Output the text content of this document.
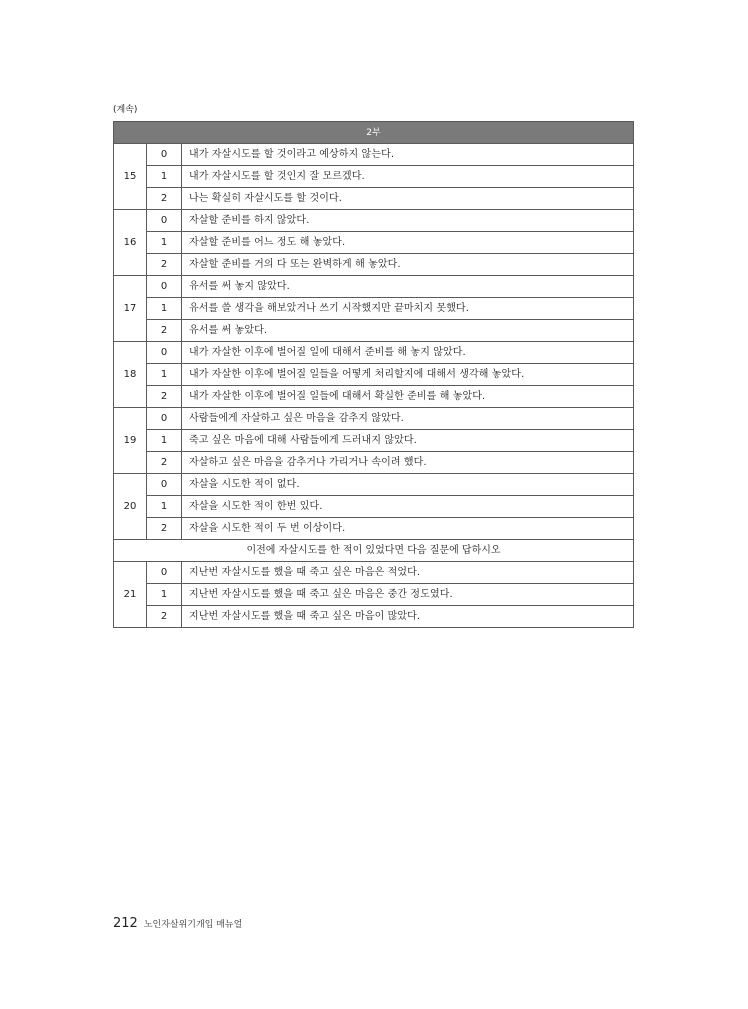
(계속)
2부		
15	0	내가 자살시도를 할 것이라고 예상하지 않는다.
	1	내가 자살시도를 할 것인지 잘 모르겠다.
	2	나는 확실히 자살시도를 할 것이다.
16	0	자살할 준비를 하지 않았다.
	1	자살할 준비를 어느 정도 해 놓았다.
	2	자살할 준비를 거의 다 또는 완벽하게 해 놓았다.
17	0	유서를 써 놓지 않았다.
	1	유서를 쓸 생각을 해보았거나 쓰기 시작했지만 끝마치지 못했다.
	2	유서를 써 놓았다.
18	0	내가 자살한 이후에 벌어질 일에 대해서 준비를 해 놓지 않았다.
	1	내가 자살한 이후에 벌어질 일들을 어떻게 처리할지에 대해서 생각해 놓았다.
	2	내가 자살한 이후에 벌어질 일들에 대해서 확실한 준비를 해 놓았다.
19	0	사람들에게 자살하고 싶은 마음을 감추지 않았다.
	1	죽고 싶은 마음에 대해 사람들에게 드러내지 않았다.
	2	자살하고 싶은 마음을 감추거나 가리거나 속이려 했다.
20	0	자살을 시도한 적이 없다.
	1	자살을 시도한 적이 한번 있다.
	2	자살을 시도한 적이 두 번 이상이다.
이전에 자살시도를 한 적이 있었다면 다음 질문에 답하시오		
21	0	지난번 자살시도를 했을 때 죽고 싶은 마음은 적었다.
	1	지난번 자살시도를 했을 때 죽고 싶은 마음은 중간 정도였다.
	2	지난번 자살시도를 했을 때 죽고 싶은 마음이 많았다.
212 노인자살위기개입 매뉴얼
